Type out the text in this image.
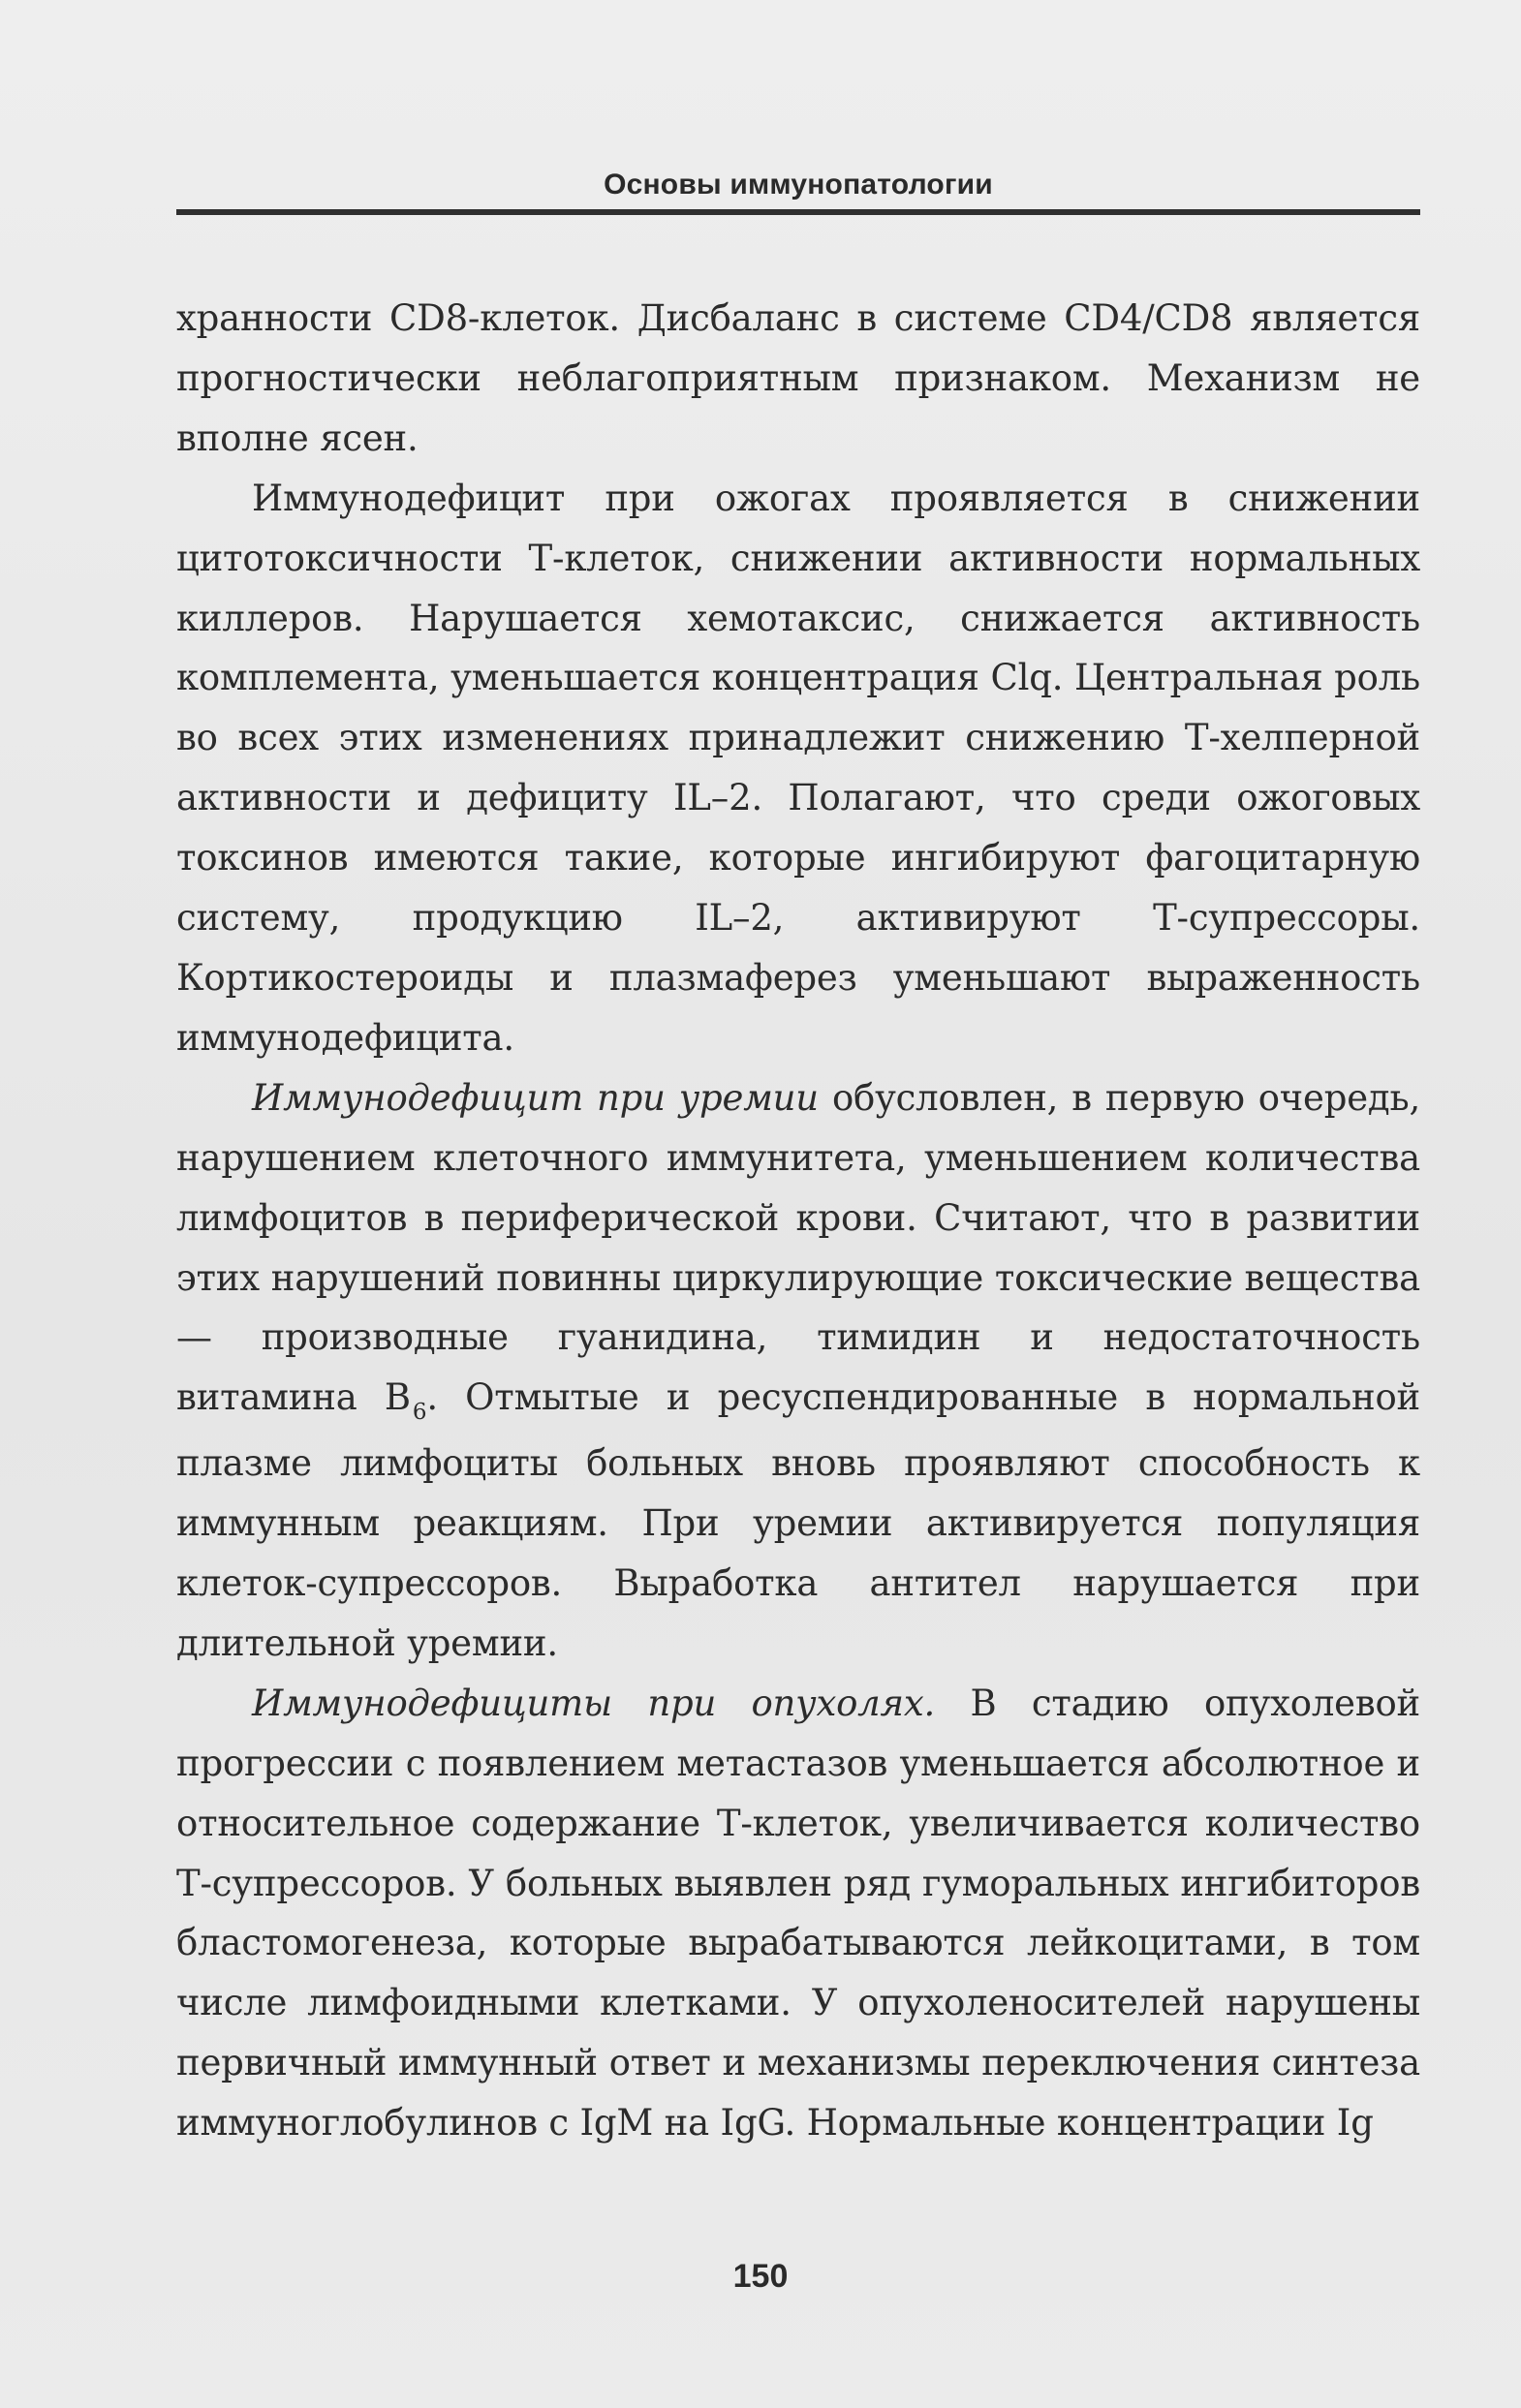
Основы иммунопатологии

хранности CD8-клеток. Дисбаланс в системе CD4/CD8 является прогностически неблагоприятным признаком. Механизм не вполне ясен.

Иммунодефицит при ожогах проявляется в снижении цитотоксичности Т-клеток, снижении активности нормальных киллеров. Нарушается хемотаксис, снижается активность комплемента, уменьшается концентрация Clq. Центральная роль во всех этих изменениях принадлежит снижению Т-хелперной активности и дефициту IL–2. Полагают, что среди ожоговых токсинов имеются такие, которые ингибируют фагоцитарную систему, продукцию IL–2, активируют Т-супрессоры. Кортикостероиды и плазмаферез уменьшают выраженность иммунодефицита.

Иммунодефицит при уремии обусловлен, в первую очередь, нарушением клеточного иммунитета, уменьшением количества лимфоцитов в периферической крови. Считают, что в развитии этих нарушений повинны циркулирующие токсические вещества — производные гуанидина, тимидин и недостаточность витамина $B_6$. Отмытые и ресуспендированные в нормальной плазме лимфоциты больных вновь проявляют способность к иммунным реакциям. При уремии активируется популяция клеток-супрессоров. Выработка антител нарушается при длительной уремии.

Иммунодефициты при опухолях. В стадию опухолевой прогрессии с появлением метастазов уменьшается абсолютное и относительное содержание Т-клеток, увеличивается количество Т-супрессоров. У больных выявлен ряд гуморальных ингибиторов бластомогенеза, которые вырабатываются лейкоцитами, в том числе лимфоидными клетками. У опухоленосителей нарушены первичный иммунный ответ и механизмы переключения синтеза иммуноглобулинов с IgM на IgG. Нормальные концентрации Ig

150
